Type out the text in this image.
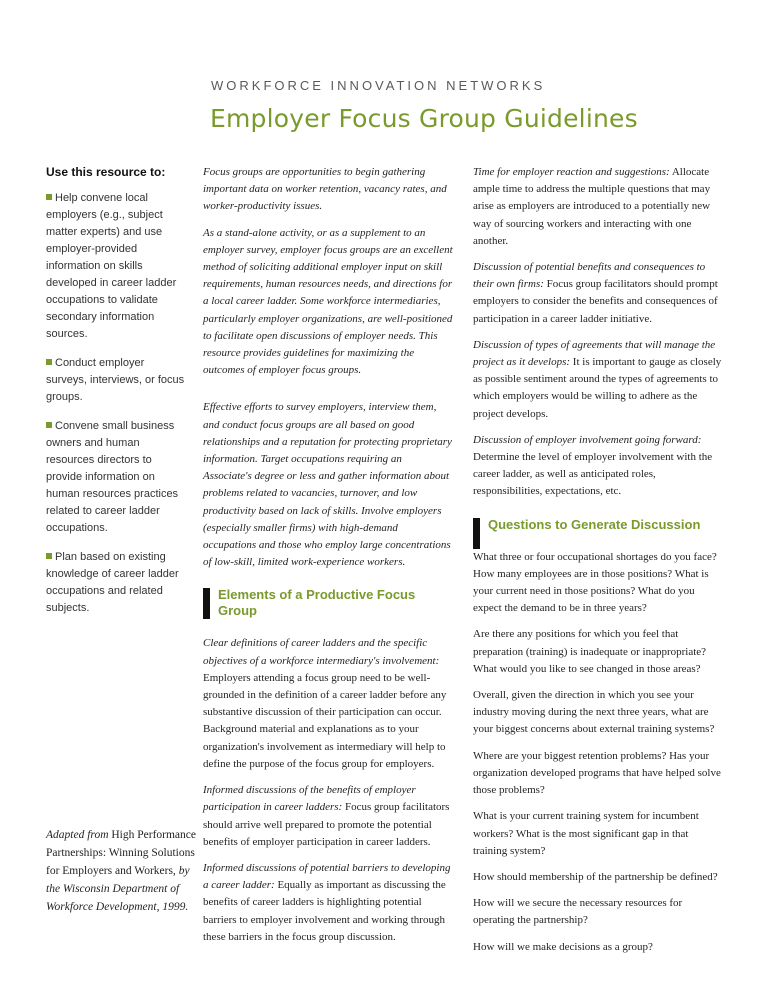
WORKFORCE INNOVATION NETWORKS
Employer Focus Group Guidelines
Use this resource to:
Help convene local employers (e.g., subject matter experts) and use employer-provided information on skills developed in career ladder occupations to validate secondary information sources.
Conduct employer surveys, interviews, or focus groups.
Convene small business owners and human resources directors to provide information on human resources practices related to career ladder occupations.
Plan based on existing knowledge of career ladder occupations and related subjects.
Adapted from High Performance Partnerships: Winning Solutions for Employers and Workers, by the Wisconsin Department of Workforce Development, 1999.

Focus groups are opportunities to begin gathering important data on worker retention, vacancy rates, and worker-productivity issues.

As a stand-alone activity, or as a supplement to an employer survey, employer focus groups are an excellent method of soliciting additional employer input on skill requirements, human resources needs, and directions for a local career ladder. Some workforce intermediaries, particularly employer organizations, are well-positioned to facilitate open discussions of employer needs. This resource provides guidelines for maximizing the outcomes of employer focus groups.

Effective efforts to survey employers, interview them, and conduct focus groups are all based on good relationships and a reputation for protecting proprietary information. Target occupations requiring an Associate's degree or less and gather information about problems related to vacancies, turnover, and low productivity based on lack of skills. Involve employers (especially smaller firms) with high-demand occupations and those who employ large concentrations of low-skill, limited work-experience workers.

Elements of a Productive Focus Group

Clear definitions of career ladders and the specific objectives of a workforce intermediary's involvement: Employers attending a focus group need to be well-grounded in the definition of a career ladder before any substantive discussion of their participation can occur. Background material and explanations as to your organization's involvement as intermediary will help to define the purpose of the focus group for employers.

Informed discussions of the benefits of employer participation in career ladders: Focus group facilitators should arrive well prepared to promote the potential benefits of employer participation in career ladders.

Informed discussions of potential barriers to developing a career ladder: Equally as important as discussing the benefits of career ladders is highlighting potential barriers to employer involvement and working through these barriers in the focus group discussion.

Time for employer reaction and suggestions: Allocate ample time to address the multiple questions that may arise as employers are introduced to a potentially new way of sourcing workers and interacting with one another.

Discussion of potential benefits and consequences to their own firms: Focus group facilitators should prompt employers to consider the benefits and consequences of participation in a career ladder initiative.

Discussion of types of agreements that will manage the project as it develops: It is important to gauge as closely as possible sentiment around the types of agreements to which employers would be willing to adhere as the project develops.

Discussion of employer involvement going forward: Determine the level of employer involvement with the career ladder, as well as anticipated roles, responsibilities, expectations, etc.

Questions to Generate Discussion

What three or four occupational shortages do you face? How many employees are in those positions? What is your current need in those positions? What do you expect the demand to be in three years?

Are there any positions for which you feel that preparation (training) is inadequate or inappropriate? What would you like to see changed in those areas?

Overall, given the direction in which you see your industry moving during the next three years, what are your biggest concerns about external training systems?

Where are your biggest retention problems? Has your organization developed programs that have helped solve those problems?

What is your current training system for incumbent workers? What is the most significant gap in that training system?

How should membership of the partnership be defined?

How will we secure the necessary resources for operating the partnership?

How will we make decisions as a group?
